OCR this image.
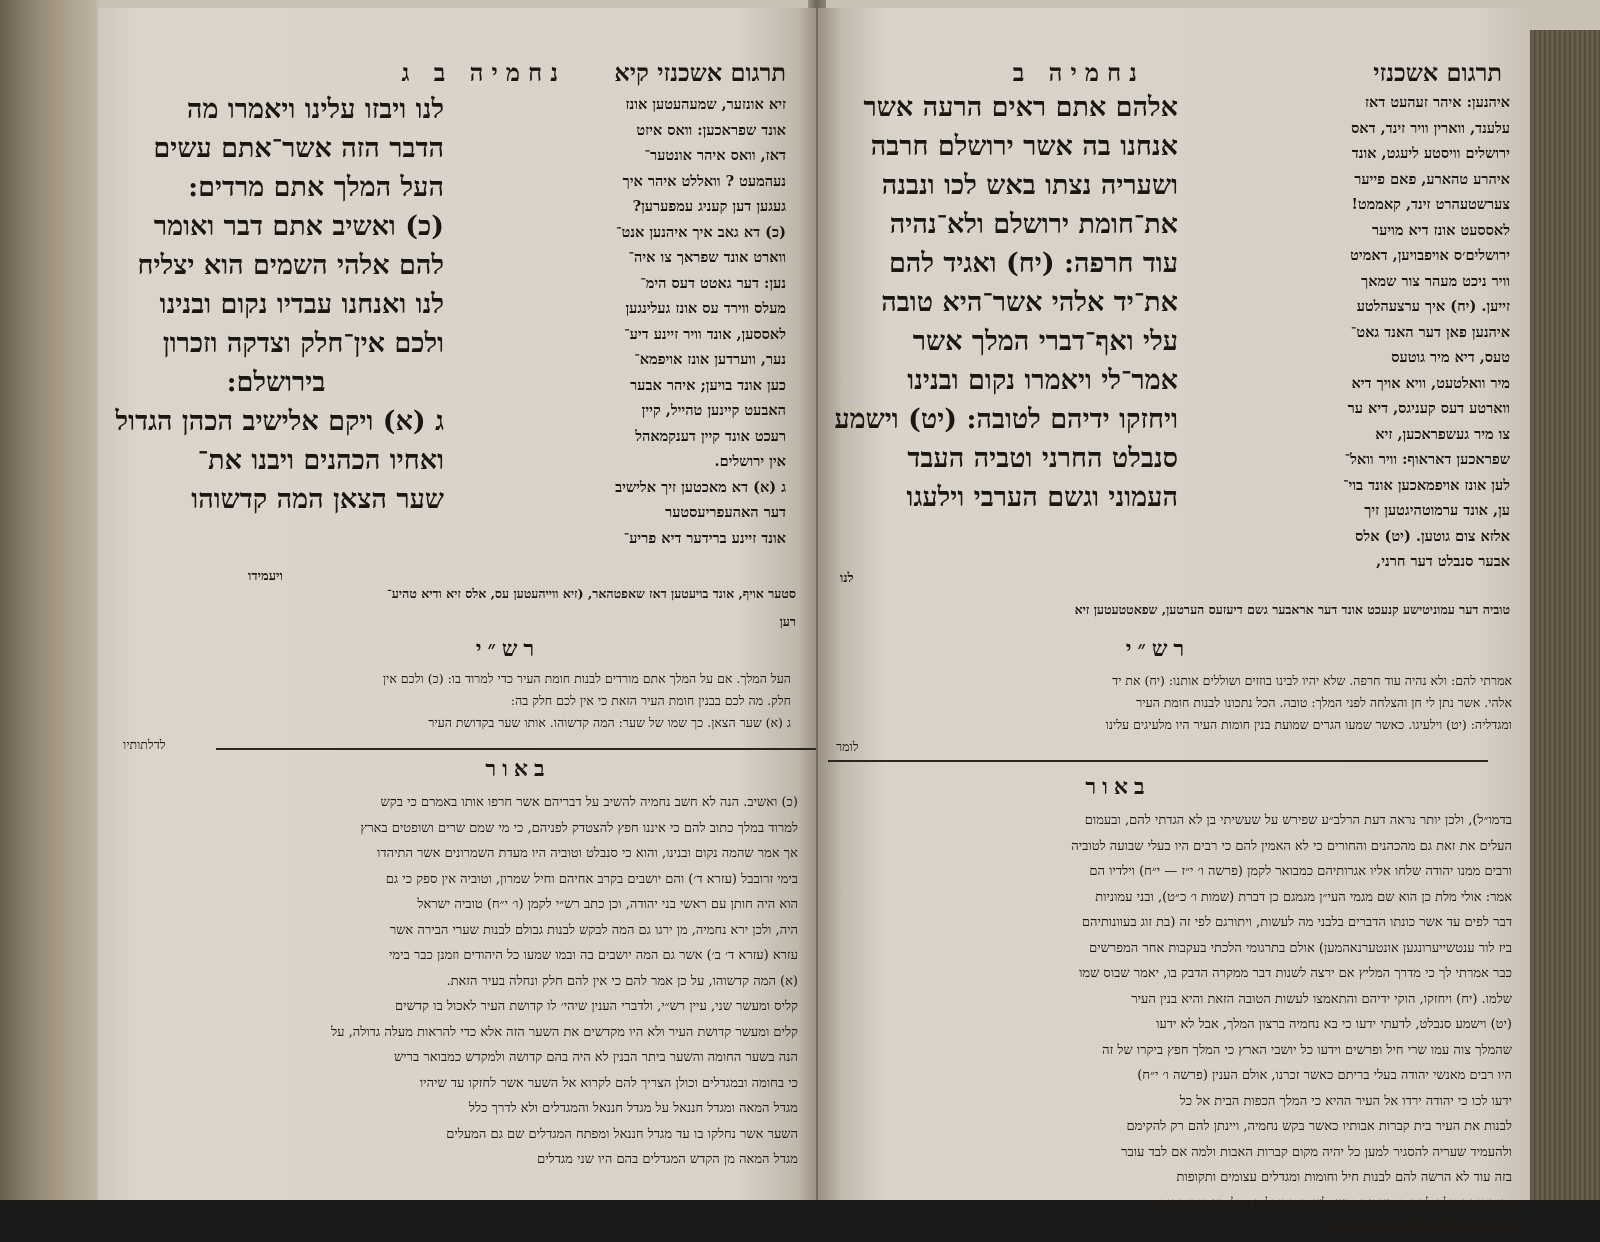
תרגום אשכנזי קיא
נחמיה ב ג
לנו ויבזו עלינו ויאמרו מה
הדבר הזה אשר־אתם עשים
העל המלך אתם מרדים:
(כ) ואשיב אתם דבר ואומר
להם אלהי השמים הוא יצליח
לנו ואנחנו עבדיו נקום ובנינו
ולכם אין־חלק וצדקה וזכרון
בירושלם:
ג (א) ויקם אלישיב הכהן הגדול
ואחיו הכהנים ויבנו את־
שער הצאן המה קדשוהו
ויעמידו
זיא אונזער, שמעהעטען אונז
אונד שפראכען: וואס איזט
דאז, וואס איהר אונטער־
נעהמעט ? וואללט איהר איך
געגען דען קעניג עמפערען?
(כ) דא גאב איך איהנען אנט־
ווארט אונד שפראך צו איה־
נען: דער גאטט דעס הימ־
מעלס ווירד עס אונז געלינגען
לאססען, אונד וויר זיינע דיע־
נער, ווערדען אונז אויפמא־
כען אונד בויען; איהר אבער
האבעט קיינען טהייל, קיין
רעכט אונד קיין דענקמאהל
אין ירושלים.
ג (א) דא מאכטען זיך אלישיב
דער האהעפריעסטער
אונד זיינע ברידער דיא פריע־
סטער אויף, אונד בויעטען דאז שאפטהאר, (זיא ווייהעטען עס, אלס זיא ודיא טהיע־
רען
רש״י
העל המלך. אם על המלך אתם מורדים לבנות חומת העיר כדי למרוד בו: (כ) ולכם אין
חלק. מה לכם בבנין חומת העיר הזאת כי אין לכם חלק בה:
ג (א) שער הצאן. כך שמו של שער: המה קדשוהו. אותו שער בקדושת העיר
לדלתותיו
באור
(כ) ואשיב. הנה לא חשב נחמיה להשיב על דבריהם אשר חרפו אותו באמרם כי בקש
למרוד במלך כתוב להם כי איננו חפץ להצטדק לפניהם, כי מי שמם שרים ושופטים בארץ
אך אמר שהמה נקום ובנינו, והוא כי סנבלט וטוביה היו מעדת השמרונים אשר התיהדו
בימי זרובבל (עזרא ד׳) והם יושבים בקרב אחיהם וחיל שמרון, וטוביה אין ספק כי גם
הוא היה חותן עם ראשי בני יהודה, וכן כתב רש״י לקמן (ו׳ י״ח) טוביה ישראל
היה, ולכן ירא נחמיה, מן ירגו גם המה לבקש לבנות גבולם לבנות שערי הבירה אשר
עזרא (עזרא ד׳ ב׳) אשר גם המה יושבים בה ובמו שמעו כל היהודים וזמנן כבר בימי
(א) המה קדשוהו, על כן אמר להם כי אין להם חלק ונחלה בעיר הזאת.
קליס ומעשר שני, עיין רש״י, ולדברי הענין שיהי׳ לו קדושת העיר לאכול בו קדשים
קלים ומעשר קדושת העיר ולא היו מקדשים את השער הזה אלא כדי להראות מעלה גדולה, על
הנה בשער החומה והשער ביתר הבנין לא היה בהם קדושה ולמקדש כמבואר בריש
כי בחומה ובמגדלים וכולן הצריך להם לקרוא אל השער אשר לחזקו עד שיהיו
מגדל המאה ומגדל חננאל על מגדל חננאל והמגדלים ולא לדרך כלל
השער אשר נחלקו בו עד מגדל חננאל ומפתח המגדלים שם גם המעלים
מגדל המאה מן הקדש המגדלים בהם היו שני מגדלים
תרגום אשכנזי
נחמיה ב
איהנען: איהר זעהעט דאז
עלענד, ווארין וויר זינד, דאס
ירושלים וויסטע ליעגט, אונד
איהרע טהארע, פאם פייער
צערשטעהרט זינד, קאממט!
לאססעט אונז דיא מויער
ירושלים׳ס אויפבויען, דאמיט
וויר ניכט מעהר צור שמאך
זייען. (יח) איך ערצעהלטע
איהנען פאן דער האנד גאט־
טעס, דיא מיר גוטעס
מיר וואלטעט, וויא אויך דיא
ווארטע דעס קעניגס, דיא ער
צו מיר געשפראכען, זיא
שפראכען דאראוף: וויר וואל־
לען אונז אויפמאכען אונד בוי־
ען, אונד ערמוטהיגטען זיך
אלזא צום גוטען. (יט) אלס
אבער סנבלט דער חרני,
אלהם אתם ראים הרעה אשר
אנחנו בה אשר ירושלם חרבה
ושעריה נצתו באש לכו ונבנה
את־חומת ירושלם ולא־נהיה
עוד חרפה: (יח) ואגיד להם
את־יד אלהי אשר־היא טובה
עלי ואף־דברי המלך אשר
אמר־לי ויאמרו נקום ובנינו
ויחזקו ידיהם לטובה: (יט) וישמע
סנבלט החרני וטביה העבד
העמוני וגשם הערבי וילעגו
לנו
טוביה דער עמוניטישע קנעכט אונד דער אראבער גשם דיעזעס הערטען, שפאטטעטען זיא
רש״י
אמרתי להם: ולא נהיה עוד חרפה. שלא יהיו לבינו בוזזים ושוללים אותנו: (יח) את יד
אלהי. אשר נתן לי חן והצלחה לפני המלך: טובה. הכל נתכונו לבנות חומת העיר
ומגדליה: (יט) וילעיגו. כאשר שמעו הגרים שמועת בנין חומות העיר היו מלעיגים עלינו
לומר
באור
בדמו״ל), ולכן יותר נראה דעת הרלב״ע שפירש על שעשיתי בן לא הגדתי להם, ובעמום
העלים את זאת גם מהכהנים והחורים כי לא האמין להם כי רבים היו בעלי שבועה לטוביה
ורבים ממנו יהודה שלחו אליו אגרותיהם כמבואר לקמן (פרשה ו׳ י״ז — י״ח) וילדיו הם
אמר: אולי מלת כן הוא שם מגמי העי״ן מגמגם כן דברת (שמות ו׳ כ״ט), ובני עמוניות
דבר לפים עד אשר כונתו הדברים בלבני מה לעשות, ויתורגם לפי זה (בת זוג בעוונותיהם
ביז לור ענטשייערונגען אונטערנאהמען) אולם בתרגומי הלכתי בעקבות אחר המפרשים
כבר אמרתי לך כי מדרך המליץ אם ירצה לשנות דבר ממקרה הדבק בו, יאמר שבוס שמו
שלמו. (יח) ויחזקו, הוקי ידיהם והתאמצו לעשות הטובה הזאת והיא בנין העיר
(יט) וישמע סנבלט, לדעתי ידעו כי בא נחמיה ברצון המלך, אבל לא ידעו
שהמלך צוה עמו שרי חיל ופרשים וידעו כל יושבי הארץ כי המלך חפץ ביקרו של זה
היו רבים מאנשי יהודה בעלי בריתם כאשר זכרנו, אולם הענין (פרשה ו׳ י״ח)
ידעו לכו כי יהודה ירדו אל העיר ההיא כי המלך הכפות הבית אל כל
לבנות את העיר בית קברות אבותיו כאשר בקש נחמיה, ויינתן להם רק להקימם
ולהעמיד שעריה להסגיר למען כל יהיה מקום קברות האבות ולמה אם לבד עובר
בזה עוד לא הרשה להם לבנות חיל וחומות ומגדלים עצומים ותקופות
והנה עתה נגלה להם כי יש את נפשו לשום המגדלים בכל הארץ עם עד
ואשיב לכן להעיגו להם ואמרו המלך
